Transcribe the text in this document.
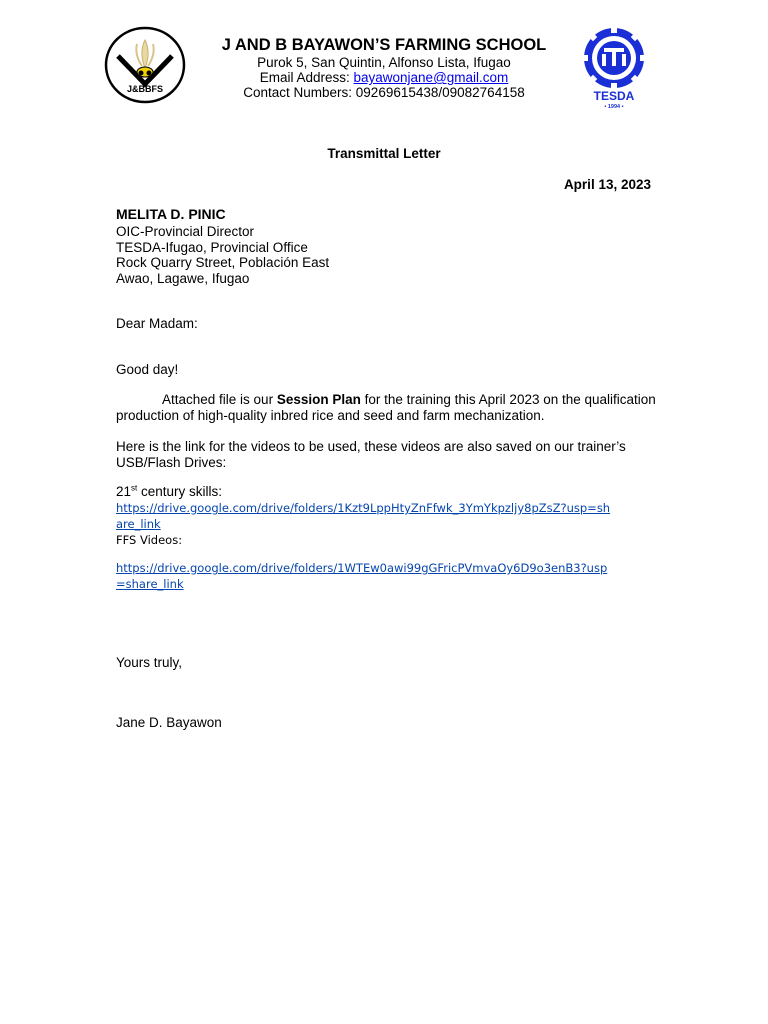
J&BBFS
J AND B BAYAWON’S FARMING SCHOOL
Purok 5, San Quintin, Alfonso Lista, Ifugao
Email Address: bayawonjane@gmail.com
Contact Numbers: 09269615438/09082764158	TESDA
• 1994 •
Transmittal Letter
April 13, 2023
MELITA D. PINIC
OIC-Provincial Director
TESDA-Ifugao, Provincial Office
Rock Quarry Street, Población East
Awao, Lagawe, Ifugao
Dear Madam:
Good day!
Attached file is our Session Plan for the training this April 2023 on the qualification production of high-quality inbred rice and seed and farm mechanization.
Here is the link for the videos to be used, these videos are also saved on our trainer’s USB/Flash Drives:
21st century skills:
https://drive.google.com/drive/folders/1Kzt9LppHtyZnFfwk_3YmYkpzljy8pZsZ?usp=share_link
FFS Videos:
https://drive.google.com/drive/folders/1WTEw0awi99gGFricPVmvaOy6D9o3enB3?usp=share_link
Yours truly,
Jane D. Bayawon
